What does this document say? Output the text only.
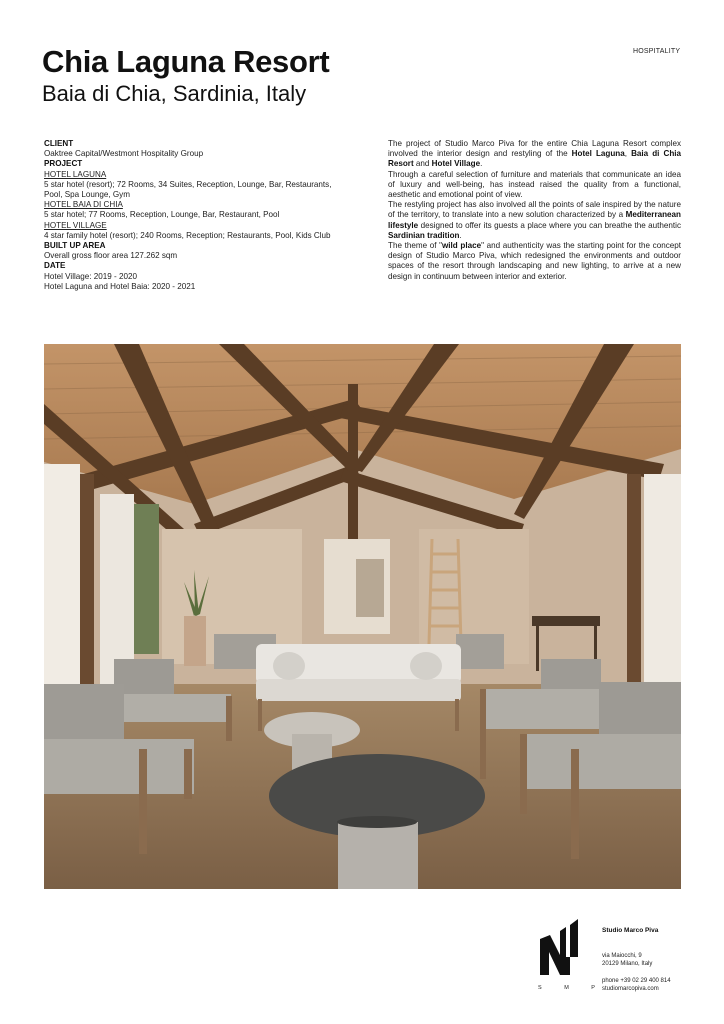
Chia Laguna Resort
Baia di Chia, Sardinia, Italy
HOSPITALITY
CLIENT
Oaktree Capital/Westmont Hospitality Group
PROJECT
HOTEL LAGUNA
5 star hotel (resort); 72 Rooms, 34 Suites, Reception, Lounge, Bar, Restaurants, Pool, Spa Lounge, Gym
HOTEL BAIA DI CHIA
5 star hotel; 77 Rooms, Reception, Lounge, Bar, Restaurant, Pool
HOTEL VILLAGE
4 star family hotel (resort); 240 Rooms, Reception; Restaurants, Pool, Kids Club
BUILT UP AREA
Overall gross floor area 127.262 sqm
DATE
Hotel Village: 2019 - 2020
Hotel Laguna and Hotel Baia: 2020 - 2021

The project of Studio Marco Piva for the entire Chia Laguna Resort complex involved the interior design and restyling of the Hotel Laguna, Baia di Chia Resort and Hotel Village.

Through a careful selection of furniture and materials that communicate an idea of luxury and well-being, has instead raised the quality from a functional, aesthetic and emotional point of view.

The restyling project has also involved all the points of sale inspired by the nature of the territory, to translate into a new solution characterized by a Mediterranean lifestyle designed to offer its guests a place where you can breathe the authentic Sardinian tradition.

The theme of "wild place" and authenticity was the starting point for the concept design of Studio Marco Piva, which redesigned the environments and outdoor spaces of the resort through landscaping and new lighting, to arrive at a new design in continuum between interior and exterior.

S M P
Studio Marco Piva
via Maiocchi, 9
20129 Milano, Italy
phone +39 02 29 400 814
studiomarcopiva.com
